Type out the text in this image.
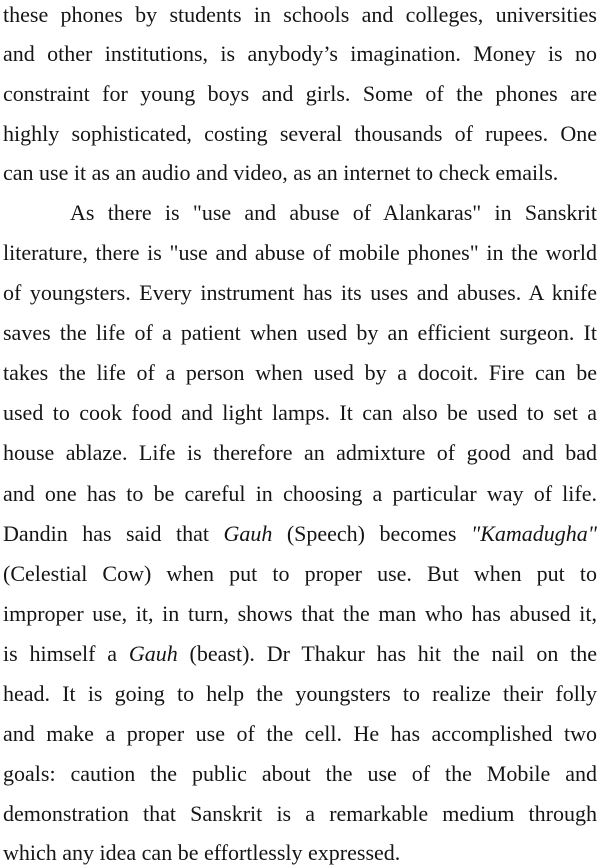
these phones by students in schools and colleges, universities

and other institutions, is anybody’s imagination. Money is no

constraint for young boys and girls. Some of the phones are

highly sophisticated, costing several thousands of rupees. One

can use it as an audio and video, as an internet to check emails.

As there is "use and abuse of Alankaras" in Sanskrit

literature, there is "use and abuse of mobile phones" in the world

of youngsters. Every instrument has its uses and abuses. A knife

saves the life of a patient when used by an efficient surgeon. It

takes the life of a person when used by a docoit. Fire can be

used to cook food and light lamps. It can also be used to set a

house ablaze. Life is therefore an admixture of good and bad

and one has to be careful in choosing a particular way of life.

Dandin has said that Gauh (Speech) becomes "Kamadugha"

(Celestial Cow) when put to proper use. But when put to

improper use, it, in turn, shows that the man who has abused it,

is himself a Gauh (beast). Dr Thakur has hit the nail on the

head. It is going to help the youngsters to realize their folly

and make a proper use of the cell. He has accomplished two

goals: caution the public about the use of the Mobile and

demonstration that Sanskrit is a remarkable medium through

which any idea can be effortlessly expressed.
